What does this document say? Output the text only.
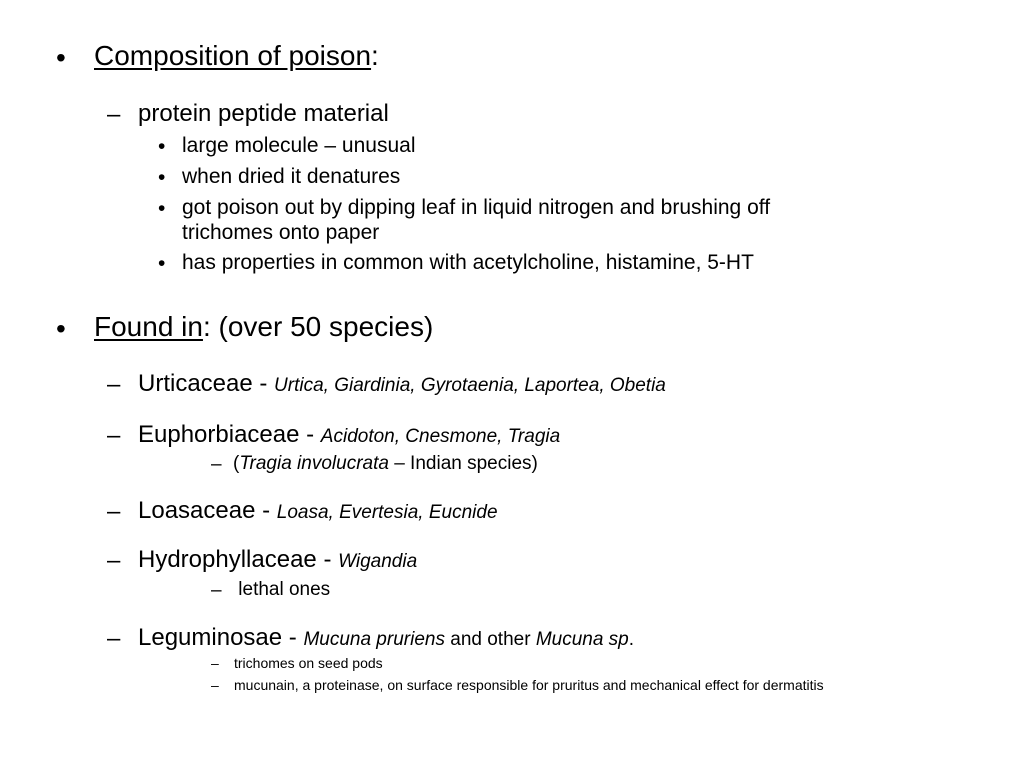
• Composition of poison:
– protein peptide material
• large molecule – unusual
• when dried it denatures
• got poison out by dipping leaf in liquid nitrogen and brushing off
trichomes onto paper
• has properties in common with acetylcholine, histamine, 5-HT
• Found in: (over 50 species)
– Urticaceae - Urtica, Giardinia, Gyrotaenia, Laportea, Obetia
– Euphorbiaceae - Acidoton, Cnesmone, Tragia
– (Tragia involucrata – Indian species)
– Loasaceae - Loasa, Evertesia, Eucnide
– Hydrophyllaceae - Wigandia
– lethal ones
– Leguminosae - Mucuna pruriens and other Mucuna sp.
– trichomes on seed pods
– mucunain, a proteinase, on surface responsible for pruritus and mechanical effect for dermatitis
